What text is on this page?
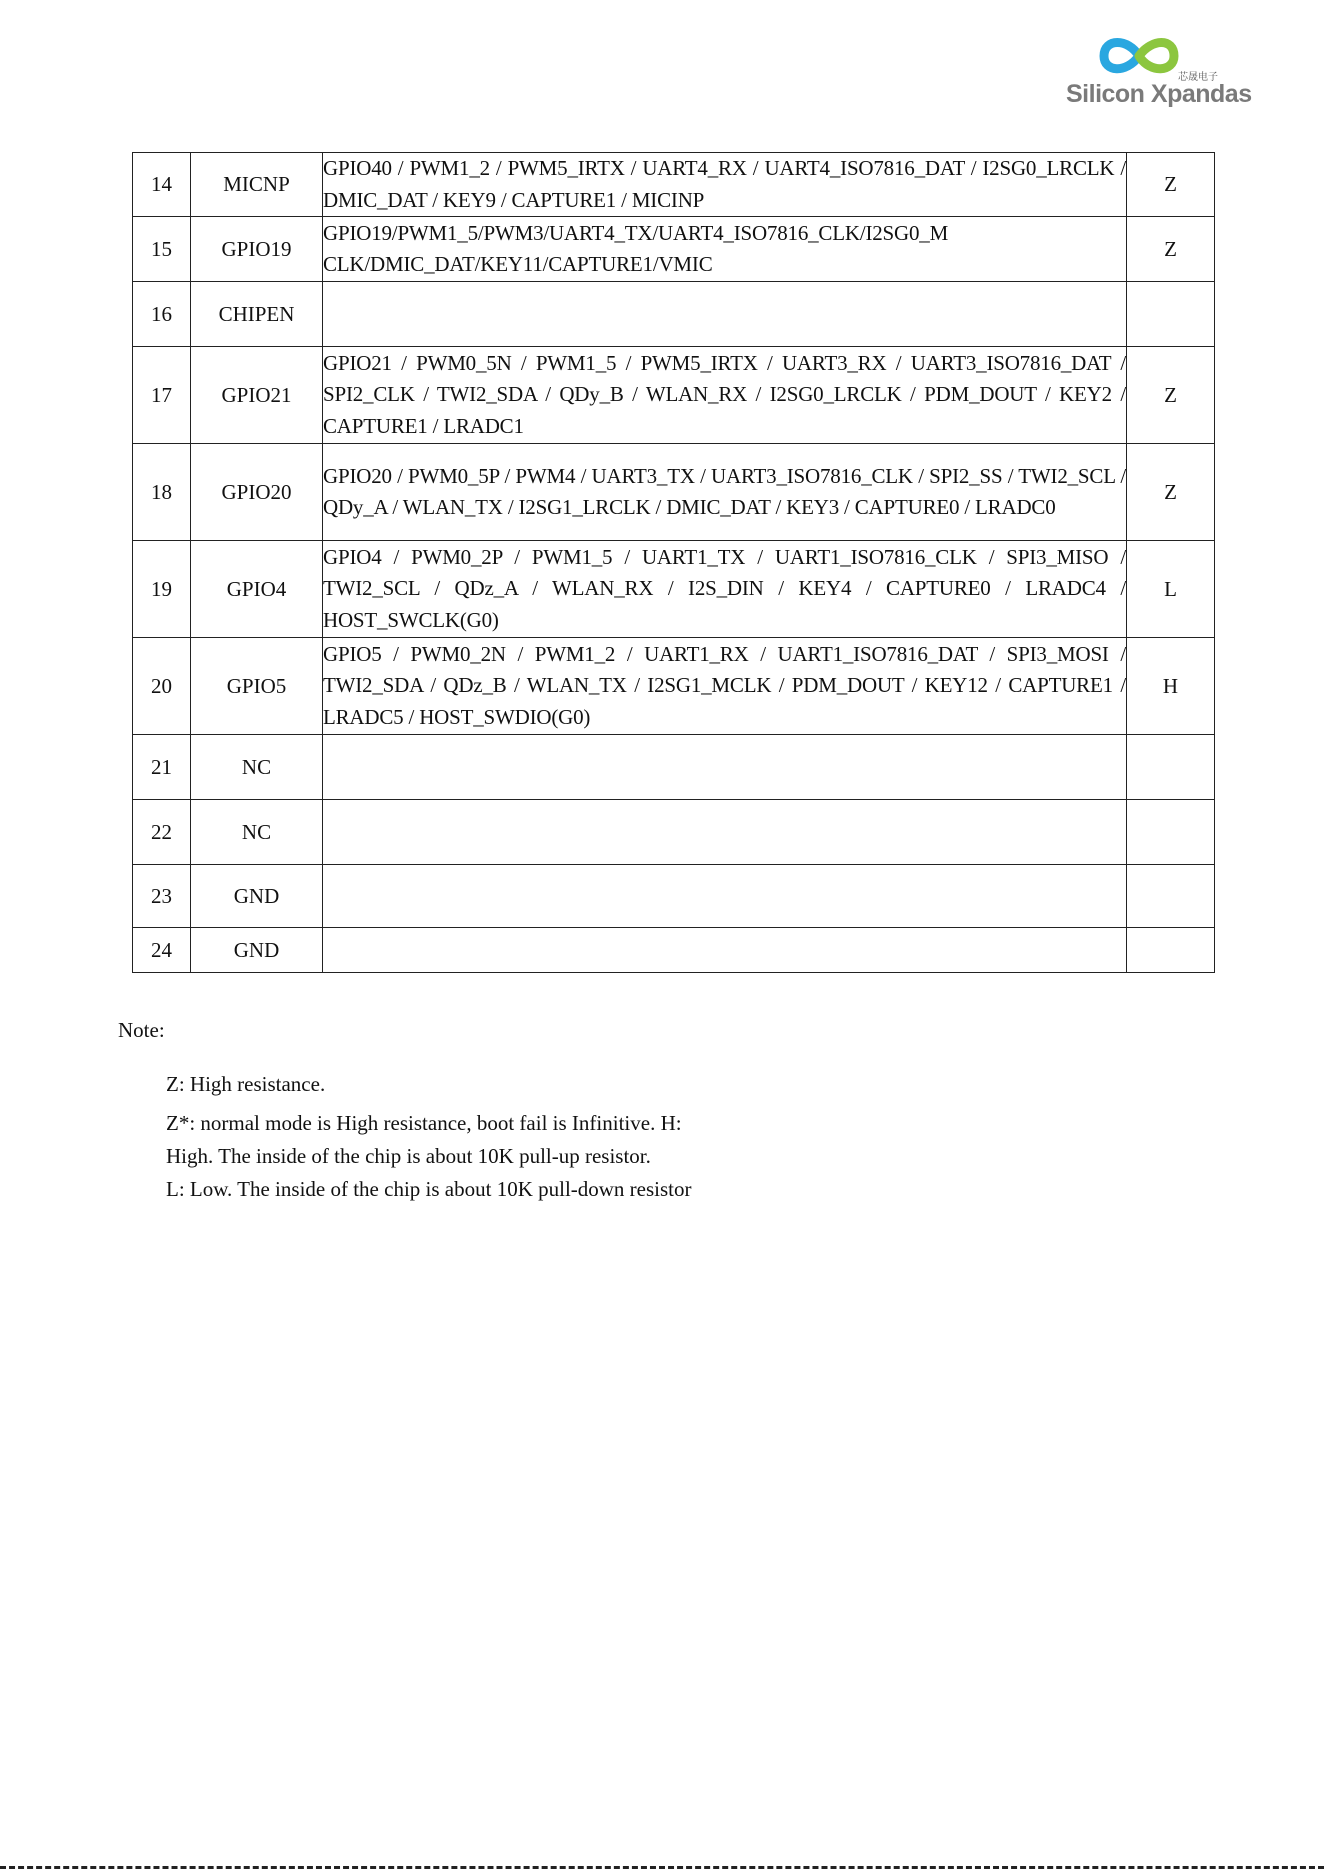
芯晟电子
Silicon Xpandas
14	MICNP	GPIO40 / PWM1_2 / PWM5_IRTX / UART4_RX / UART4_ISO7816_DAT / I2SG0_LRCLK / DMIC_DAT / KEY9 / CAPTURE1 / MICINP	Z
15	GPIO19	GPIO19/PWM1_5/PWM3/UART4_TX/UART4_ISO7816_CLK/I2SG0_M CLK/DMIC_DAT/KEY11/CAPTURE1/VMIC	Z
16	CHIPEN		
17	GPIO21	GPIO21 / PWM0_5N / PWM1_5 / PWM5_IRTX / UART3_RX / UART3_ISO7816_DAT / SPI2_CLK / TWI2_SDA / QDy_B / WLAN_RX / I2SG0_LRCLK / PDM_DOUT / KEY2 / CAPTURE1 / LRADC1	Z
18	GPIO20	GPIO20 / PWM0_5P / PWM4 / UART3_TX / UART3_ISO7816_CLK / SPI2_SS / TWI2_SCL / QDy_A / WLAN_TX / I2SG1_LRCLK / DMIC_DAT / KEY3 / CAPTURE0 / LRADC0	Z
19	GPIO4	GPIO4 / PWM0_2P / PWM1_5 / UART1_TX / UART1_ISO7816_CLK / SPI3_MISO / TWI2_SCL / QDz_A / WLAN_RX / I2S_DIN / KEY4 / CAPTURE0 / LRADC4 / HOST_SWCLK(G0)	L
20	GPIO5	GPIO5 / PWM0_2N / PWM1_2 / UART1_RX / UART1_ISO7816_DAT / SPI3_MOSI / TWI2_SDA / QDz_B / WLAN_TX / I2SG1_MCLK / PDM_DOUT / KEY12 / CAPTURE1 / LRADC5 / HOST_SWDIO(G0)	H
21	NC		
22	NC		
23	GND		
24	GND		
Note:

Z: High resistance.

Z*: normal mode is High resistance, boot fail is Infinitive. H:

High. The inside of the chip is about 10K pull-up resistor.

L: Low. The inside of the chip is about 10K pull-down resistor
